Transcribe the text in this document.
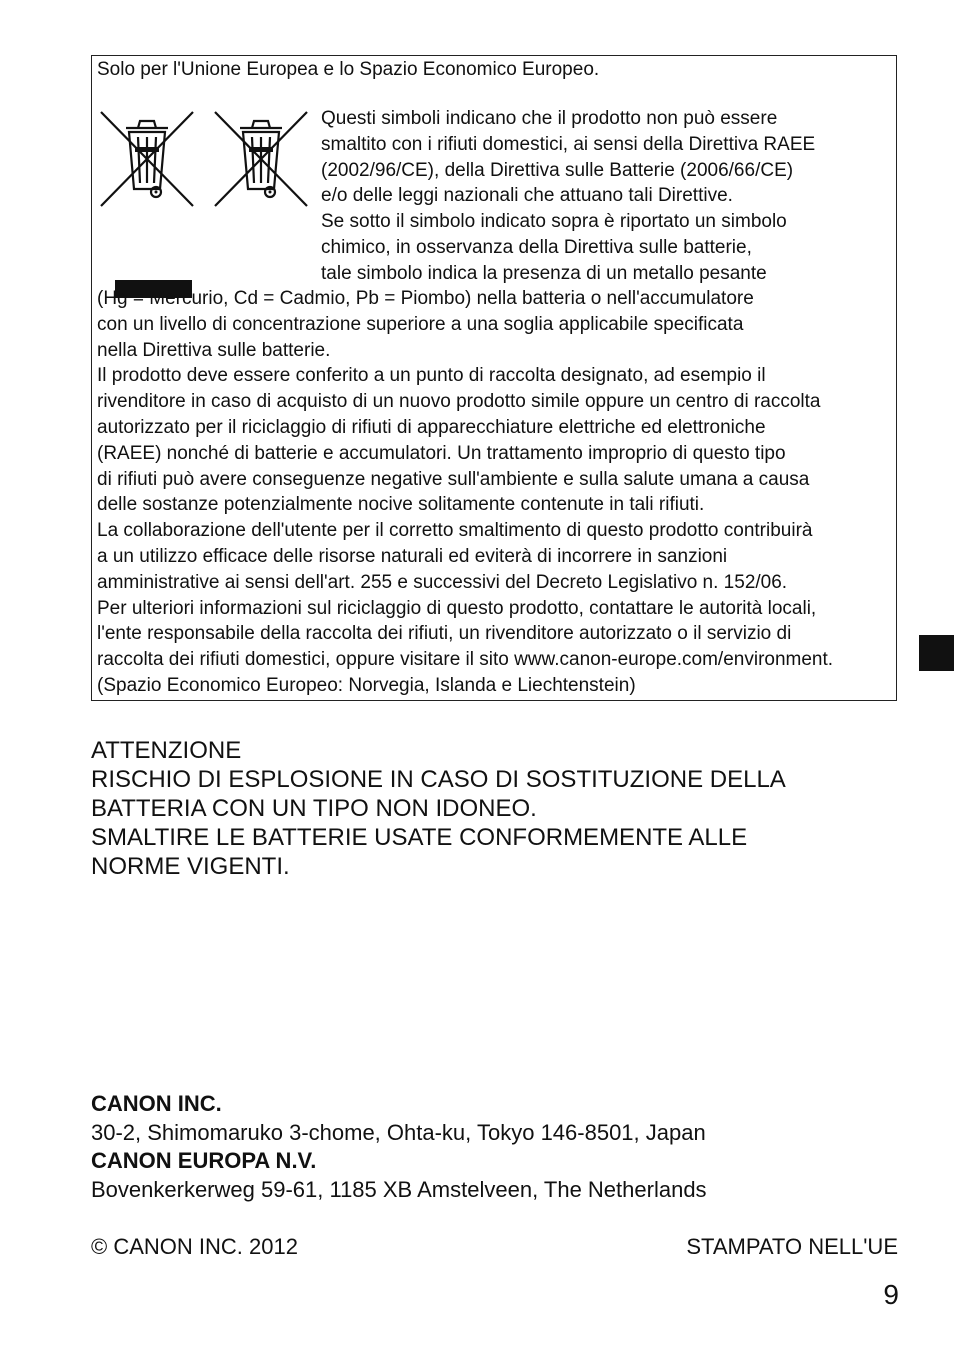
Solo per l'Unione Europea e lo Spazio Economico Europeo.
Questi simboli indicano che il prodotto non può essere
smaltito con i rifiuti domestici, ai sensi della Direttiva RAEE
(2002/96/CE), della Direttiva sulle Batterie (2006/66/CE)
e/o delle leggi nazionali che attuano tali Direttive.
Se sotto il simbolo indicato sopra è riportato un simbolo
chimico, in osservanza della Direttiva sulle batterie,
tale simbolo indica la presenza di un metallo pesante
(Hg = Mercurio, Cd = Cadmio, Pb = Piombo) nella batteria o nell'accumulatore
con un livello di concentrazione superiore a una soglia applicabile specificata
nella Direttiva sulle batterie.
Il prodotto deve essere conferito a un punto di raccolta designato, ad esempio il
rivenditore in caso di acquisto di un nuovo prodotto simile oppure un centro di raccolta
autorizzato per il riciclaggio di rifiuti di apparecchiature elettriche ed elettroniche
(RAEE) nonché di batterie e accumulatori. Un trattamento improprio di questo tipo
di rifiuti può avere conseguenze negative sull'ambiente e sulla salute umana a causa
delle sostanze potenzialmente nocive solitamente contenute in tali rifiuti.
La collaborazione dell'utente per il corretto smaltimento di questo prodotto contribuirà
a un utilizzo efficace delle risorse naturali ed eviterà di incorrere in sanzioni
amministrative ai sensi dell'art. 255 e successivi del Decreto Legislativo n. 152/06.
Per ulteriori informazioni sul riciclaggio di questo prodotto, contattare le autorità locali,
l'ente responsabile della raccolta dei rifiuti, un rivenditore autorizzato o il servizio di
raccolta dei rifiuti domestici, oppure visitare il sito www.canon-europe.com/environment.
(Spazio Economico Europeo: Norvegia, Islanda e Liechtenstein)
ATTENZIONE
RISCHIO DI ESPLOSIONE IN CASO DI SOSTITUZIONE DELLA
BATTERIA CON UN TIPO NON IDONEO.
SMALTIRE LE BATTERIE USATE CONFORMEMENTE ALLE
NORME VIGENTI.
CANON INC.
30-2, Shimomaruko 3-chome, Ohta-ku, Tokyo 146-8501, Japan
CANON EUROPA N.V.
Bovenkerkerweg 59-61, 1185 XB Amstelveen, The Netherlands
© CANON INC. 2012	STAMPATO NELL'UE
9
